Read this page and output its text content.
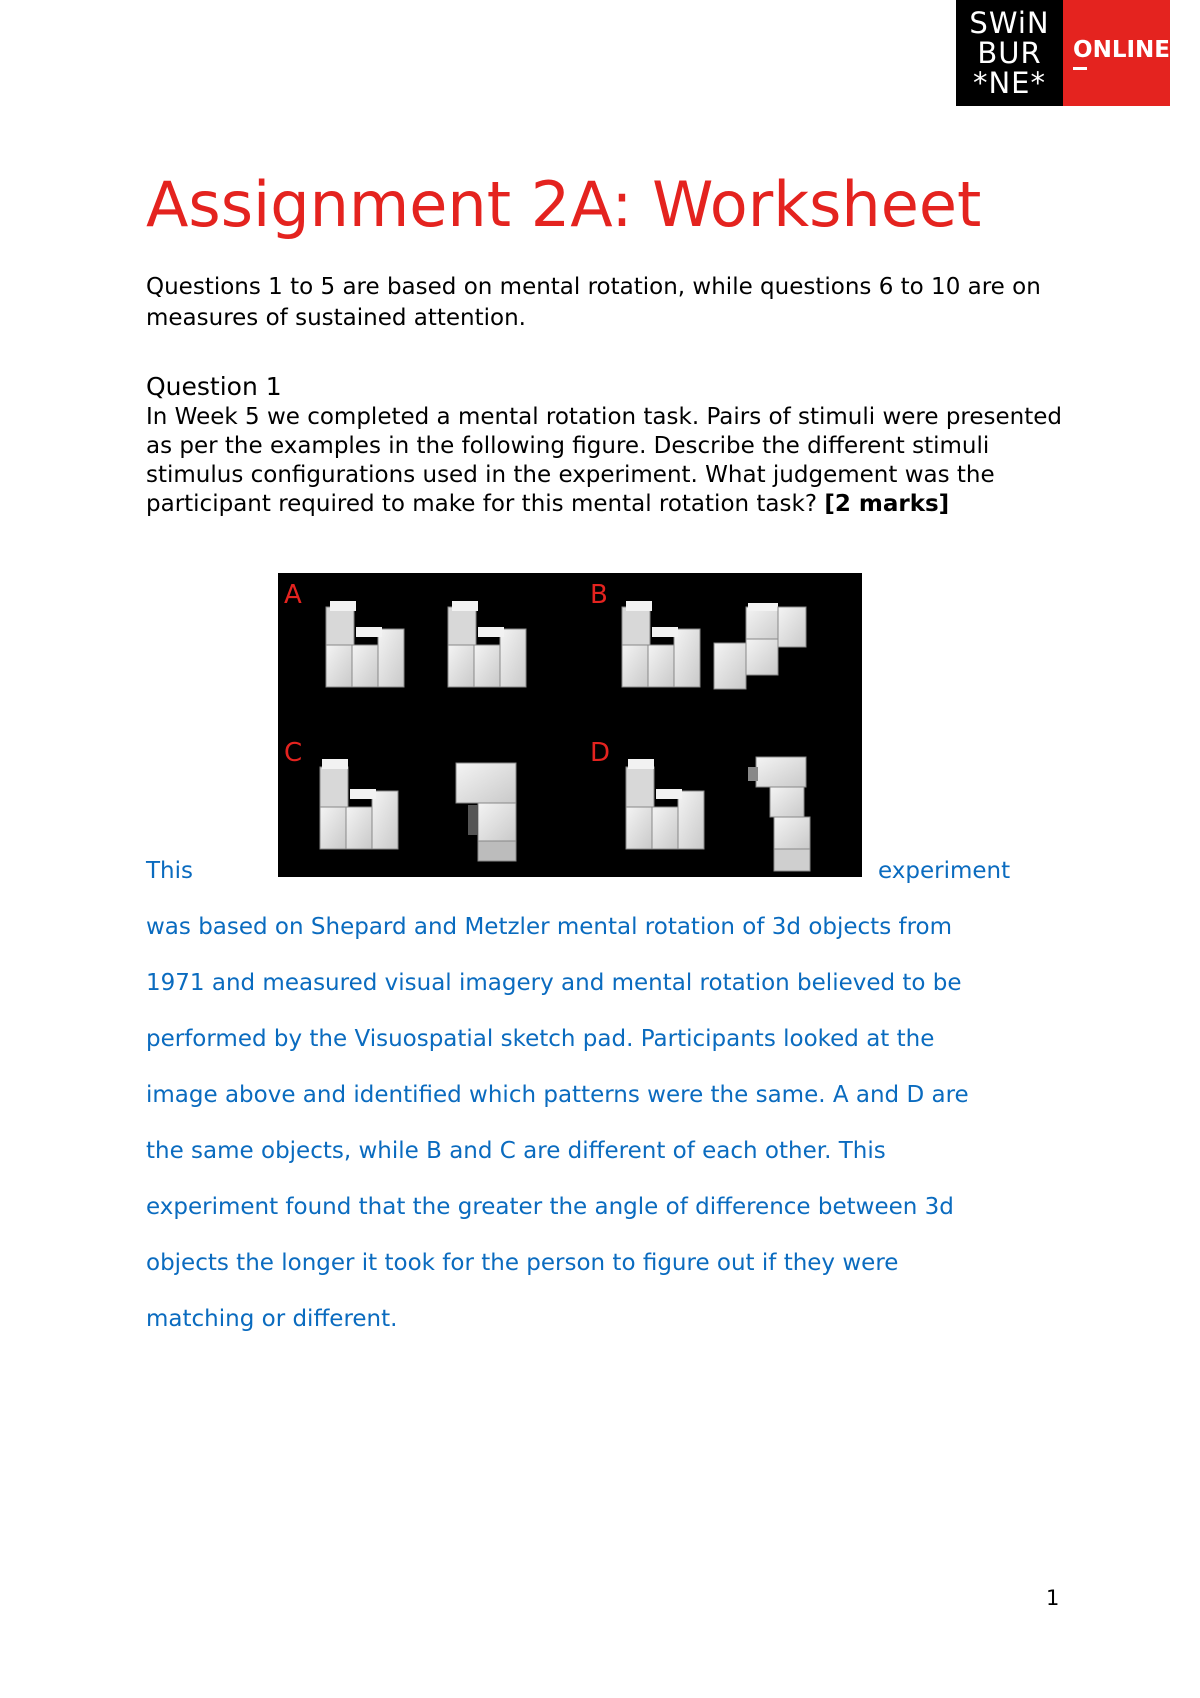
SWiN
BUR
*NE*
ONLINE
Assignment 2A: Worksheet

Questions 1 to 5 are based on mental rotation, while questions 6 to 10 are on measures of sustained attention.

Question 1

In Week 5 we completed a mental rotation task. Pairs of stimuli were presented as per the examples in the following figure. Describe the different stimuli stimulus configurations used in the experiment. What judgement was the participant required to make for this mental rotation task? [2 marks]

A	B
C	D
This	experiment
was based on Shepard and Metzler mental rotation of 3d objects from
1971 and measured visual imagery and mental rotation believed to be
performed by the Visuospatial sketch pad. Participants looked at the
image above and identified which patterns were the same. A and D are
the same objects, while B and C are different of each other. This
experiment found that the greater the angle of difference between 3d
objects the longer it took for the person to figure out if they were
matching or different.
1
